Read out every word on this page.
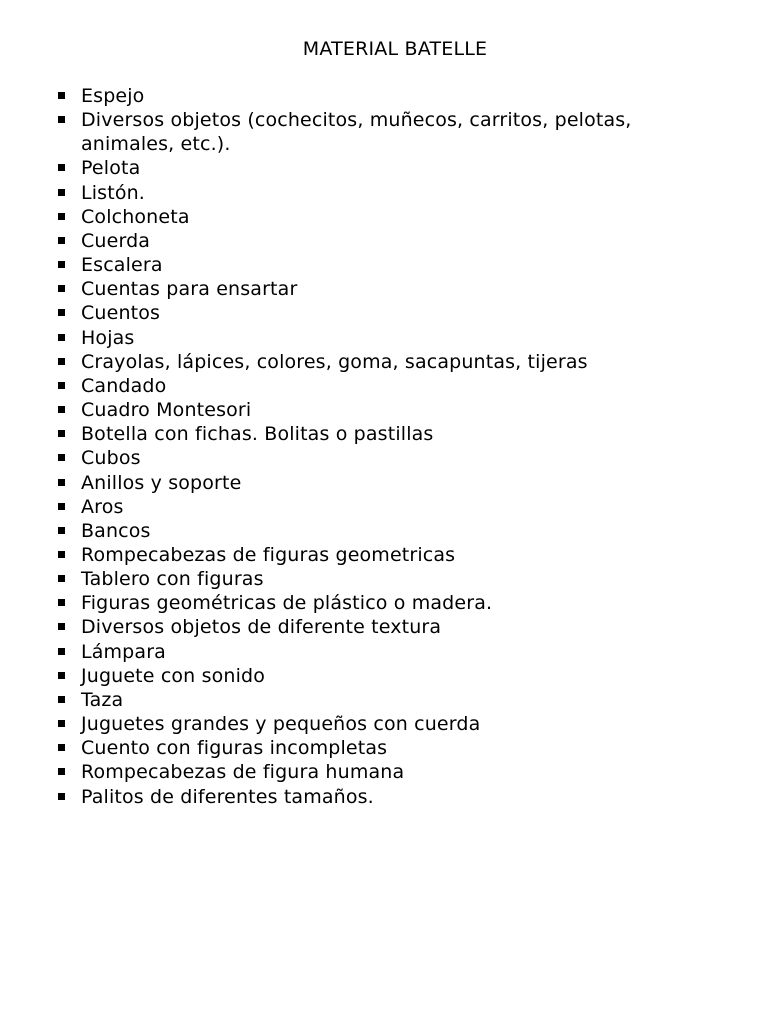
MATERIAL BATELLE
Espejo
Diversos objetos (cochecitos, muñecos, carritos, pelotas, animales, etc.).
Pelota
Listón.
Colchoneta
Cuerda
Escalera
Cuentas para ensartar
Cuentos
Hojas
Crayolas, lápices, colores, goma, sacapuntas, tijeras
Candado
Cuadro Montesori
Botella con fichas. Bolitas o pastillas
Cubos
Anillos y soporte
Aros
Bancos
Rompecabezas de figuras geometricas
Tablero con figuras
Figuras geométricas de plástico o madera.
Diversos objetos de diferente textura
Lámpara
Juguete con sonido
Taza
Juguetes grandes y pequeños con cuerda
Cuento con figuras incompletas
Rompecabezas de figura humana
Palitos de diferentes tamaños.
